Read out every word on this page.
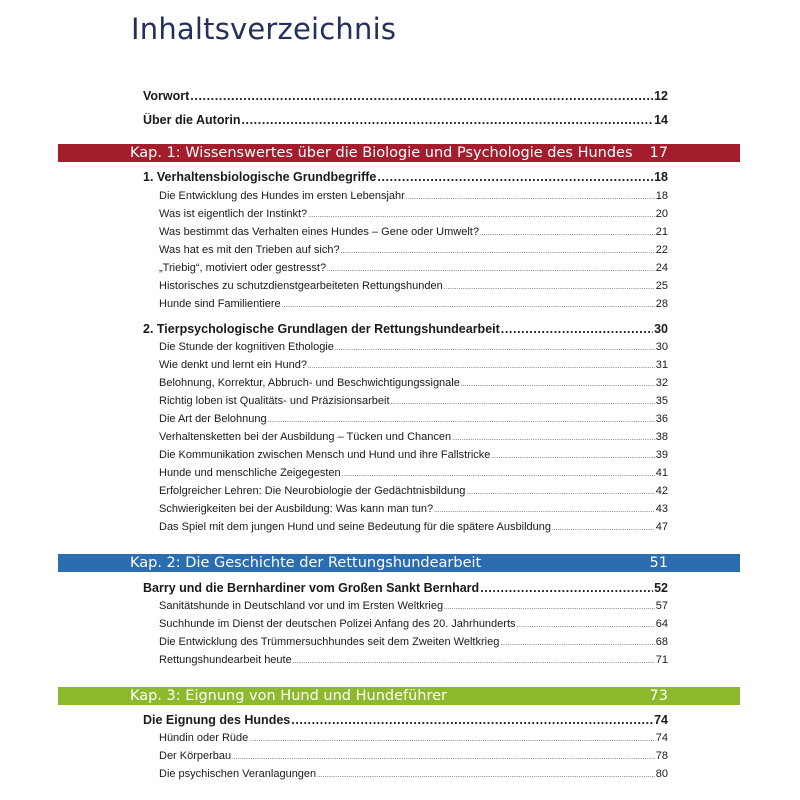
Inhaltsverzeichnis
Vorwort .....	12
Über die Autorin .....	14
Kap. 1: Wissenswertes über die Biologie und Psychologie des Hundes 17
1. Verhaltensbiologische Grundbegriffe .....	18
Die Entwicklung des Hundes im ersten Lebensjahr .....	18
Was ist eigentlich der Instinkt? .....	20
Was bestimmt das Verhalten eines Hundes – Gene oder Umwelt? .....	21
Was hat es mit den Trieben auf sich? .....	22
„Triebig“, motiviert oder gestresst? .....	24
Historisches zu schutzdienstgearbeiteten Rettungshunden .....	25
Hunde sind Familientiere .....	28
2. Tierpsychologische Grundlagen der Rettungshundearbeit .....	30
Die Stunde der kognitiven Ethologie .....	30
Wie denkt und lernt ein Hund? .....	31
Belohnung, Korrektur, Abbruch- und Beschwichtigungssignale .....	32
Richtig loben ist Qualitäts- und Präzisionsarbeit .....	35
Die Art der Belohnung .....	36
Verhaltensketten bei der Ausbildung – Tücken und Chancen .....	38
Die Kommunikation zwischen Mensch und Hund und ihre Fallstricke .....	39
Hunde und menschliche Zeigegesten .....	41
Erfolgreicher Lehren: Die Neurobiologie der Gedächtnisbildung .....	42
Schwierigkeiten bei der Ausbildung: Was kann man tun? .....	43
Das Spiel mit dem jungen Hund und seine Bedeutung für die spätere Ausbildung .....	47
Kap. 2: Die Geschichte der Rettungshundearbeit	51
Barry und die Bernhardiner vom Großen Sankt Bernhard .....	52
Sanitätshunde in Deutschland vor und im Ersten Weltkrieg .....	57
Suchhunde im Dienst der deutschen Polizei Anfang des 20. Jahrhunderts .....	64
Die Entwicklung des Trümmersuchhundes seit dem Zweiten Weltkrieg .....	68
Rettungshundearbeit heute .....	71
Kap. 3: Eignung von Hund und Hundeführer	73
Die Eignung des Hundes .....	74
Hündin oder Rüde .....	74
Der Körperbau .....	78
Die psychischen Veranlagungen .....	80
